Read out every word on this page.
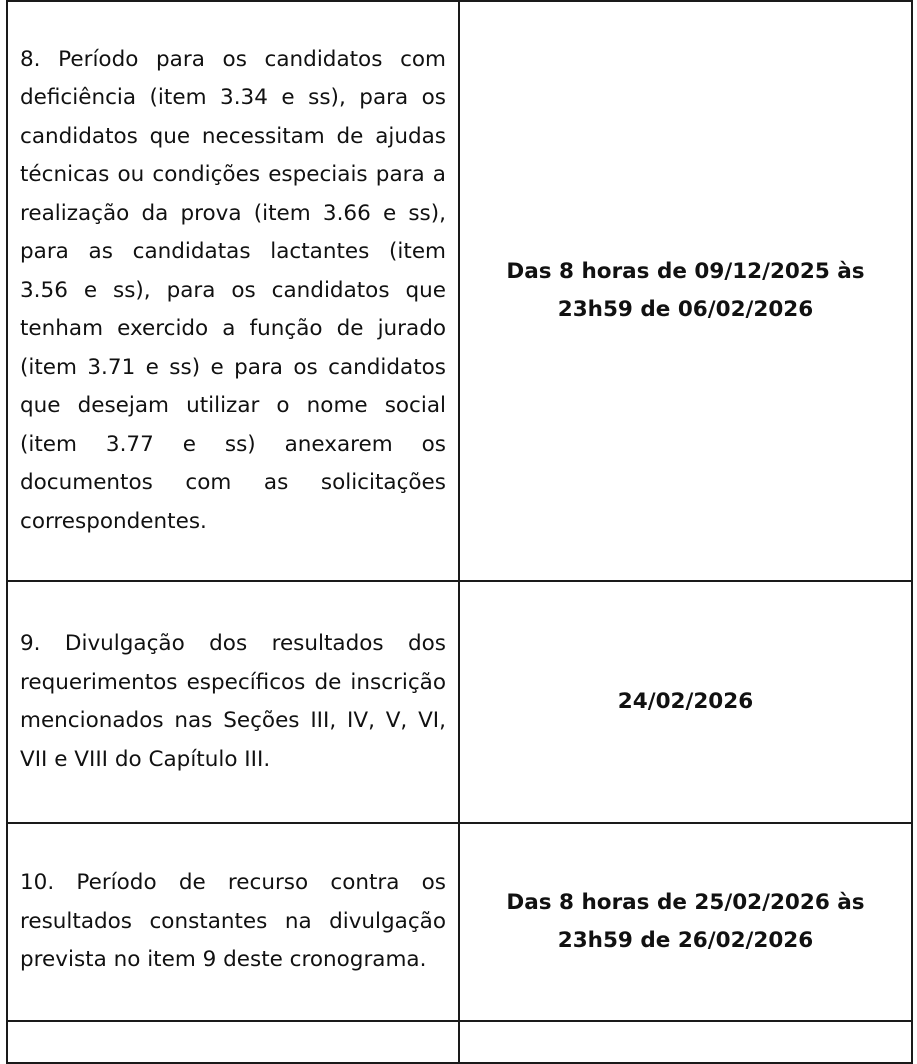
8. Período para os candidatos com deficiência (item 3.34 e ss), para os candidatos que necessitam de ajudas técnicas ou condições especiais para a realização da prova (item 3.66 e ss), para as candidatas lactantes (item 3.56 e ss), para os candidatos que tenham exercido a função de jurado (item 3.71 e ss) e para os candidatos que desejam utilizar o nome social (item 3.77 e ss) anexarem os documentos com as solicitações correspondentes.	Das 8 horas de 09/12/2025 às
23h59 de 06/02/2026

9. Divulgação dos resultados dos requerimentos específicos de inscrição mencionados nas Seções III, IV, V, VI, VII e VIII do Capítulo III.	24/02/2026

10. Período de recurso contra os resultados constantes na divulgação prevista no item 9 deste cronograma.	Das 8 horas de 25/02/2026 às
23h59 de 26/02/2026
